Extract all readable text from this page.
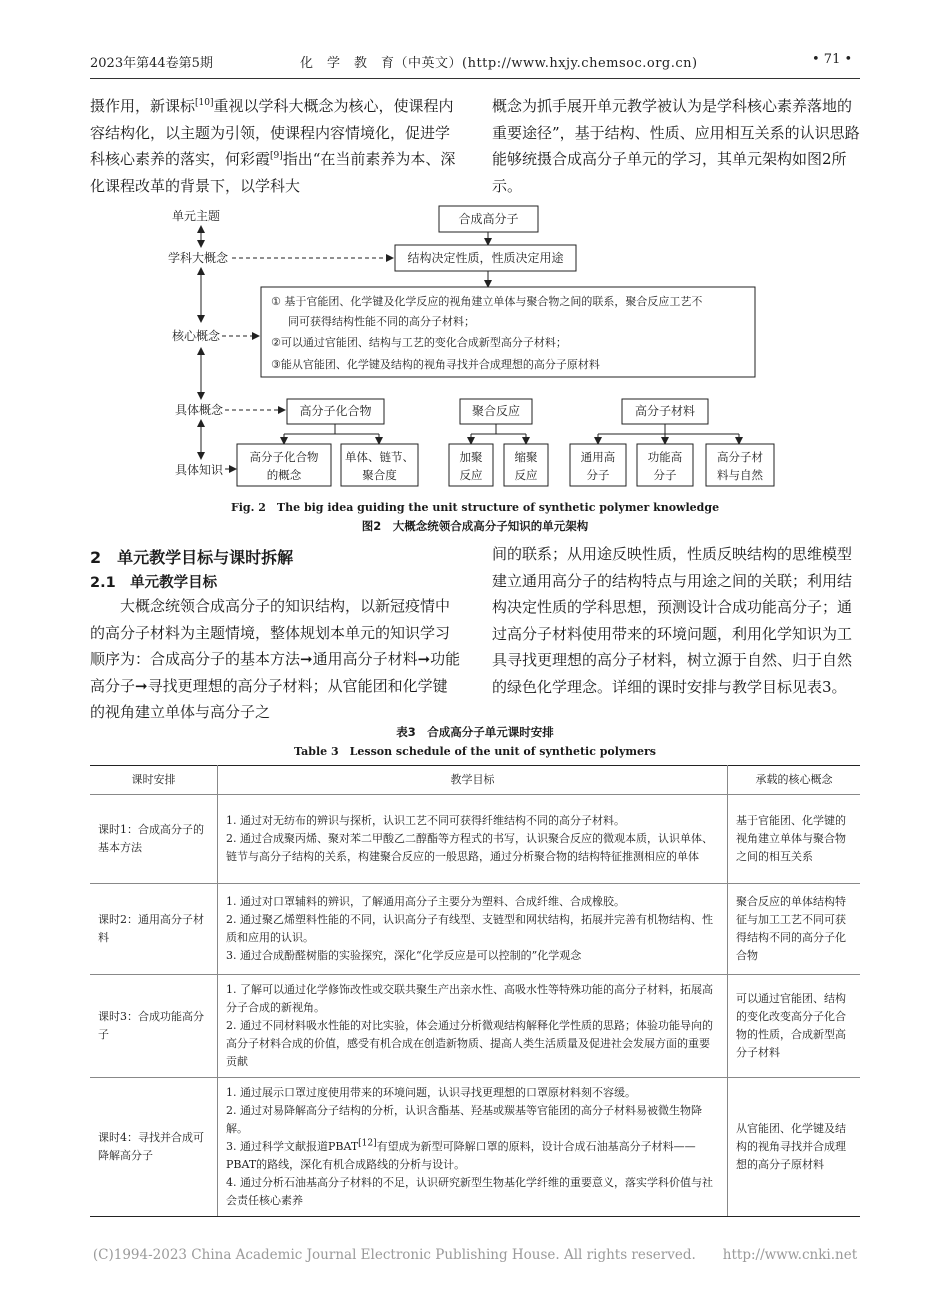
2023年第44卷第5期	化　学　教　育（中英文）(http://www.hxjy.chemsoc.org.cn)	• 71 •

摄作用，新课标[10]重视以学科大概念为核心，使课程内容结构化，以主题为引领，使课程内容情境化，促进学科核心素养的落实，何彩霞[9]指出“在当前素养为本、深化课程改革的背景下，以学科大

概念为抓手展开单元教学被认为是学科核心素养落地的重要途径”，基于结构、性质、应用相互关系的认识思路能够统摄合成高分子单元的学习，其单元架构如图2所示。

单元主题
学科大概念
核心概念
具体概念
具体知识
合成高分子
结构决定性质，性质决定用途
① 基于官能团、化学键及化学反应的视角建立单体与聚合物之间的联系，聚合反应工艺不
同可获得结构性能不同的高分子材料；
②可以通过官能团、结构与工艺的变化合成新型高分子材料；
③能从官能团、化学键及结构的视角寻找并合成理想的高分子原材料
高分子化合物	聚合反应	高分子材料
高分子化合物
的概念
单体、链节、
聚合度
加聚
反应
缩聚
反应
通用高
分子
功能高
分子
高分子材
料与自然
Fig. 2　The big idea guiding the unit structure of synthetic polymer knowledge
图2　大概念统领合成高分子知识的单元架构
2　单元教学目标与课时拆解
2.1　单元教学目标

大概念统领合成高分子的知识结构，以新冠疫情中的高分子材料为主题情境，整体规划本单元的知识学习顺序为：合成高分子的基本方法➞通用高分子材料➞功能高分子➞寻找更理想的高分子材料；从官能团和化学键的视角建立单体与高分子之

间的联系；从用途反映性质，性质反映结构的思维模型建立通用高分子的结构特点与用途之间的关联；利用结构决定性质的学科思想，预测设计合成功能高分子；通过高分子材料使用带来的环境问题，利用化学知识为工具寻找更理想的高分子材料，树立源于自然、归于自然的绿色化学理念。详细的课时安排与教学目标见表3。

表3　合成高分子单元课时安排
Table 3　Lesson schedule of the unit of synthetic polymers
课时安排	教学目标	承载的核心概念
课时1：合成高分子的基本方法	1. 通过对无纺布的辨识与探析，认识工艺不同可获得纤维结构不同的高分子材料。

2. 通过合成聚丙烯、聚对苯二甲酸乙二醇酯等方程式的书写，认识聚合反应的微观本质，认识单体、链节与高分子结构的关系，构建聚合反应的一般思路，通过分析聚合物的结构特征推测相应的单体	基于官能团、化学键的视角建立单体与聚合物之间的相互关系
课时2：通用高分子材料	1. 通过对口罩辅料的辨识，了解通用高分子主要分为塑料、合成纤维、合成橡胶。

2. 通过聚乙烯塑料性能的不同，认识高分子有线型、支链型和网状结构，拓展并完善有机物结构、性质和应用的认识。

3. 通过合成酚醛树脂的实验探究，深化“化学反应是可以控制的”化学观念	聚合反应的单体结构特征与加工工艺不同可获得结构不同的高分子化合物
课时3：合成功能高分子	1. 了解可以通过化学修饰改性或交联共聚生产出亲水性、高吸水性等特殊功能的高分子材料，拓展高分子合成的新视角。

2. 通过不同材料吸水性能的对比实验，体会通过分析微观结构解释化学性质的思路；体验功能导向的高分子材料合成的价值，感受有机合成在创造新物质、提高人类生活质量及促进社会发展方面的重要贡献	可以通过官能团、结构的变化改变高分子化合物的性质，合成新型高分子材料
课时4：寻找并合成可降解高分子	1. 通过展示口罩过度使用带来的环境问题，认识寻找更理想的口罩原材料刻不容缓。

2. 通过对易降解高分子结构的分析，认识含酯基、羟基或羰基等官能团的高分子材料易被微生物降解。

3. 通过科学文献报道PBAT[12]有望成为新型可降解口罩的原料，设计合成石油基高分子材料——PBAT的路线，深化有机合成路线的分析与设计。

4. 通过分析石油基高分子材料的不足，认识研究新型生物基化学纤维的重要意义，落实学科价值与社会责任核心素养	从官能团、化学键及结构的视角寻找并合成理想的高分子原材料
(C)1994-2023 China Academic Journal Electronic Publishing House. All rights reserved.　　http://www.cnki.net
